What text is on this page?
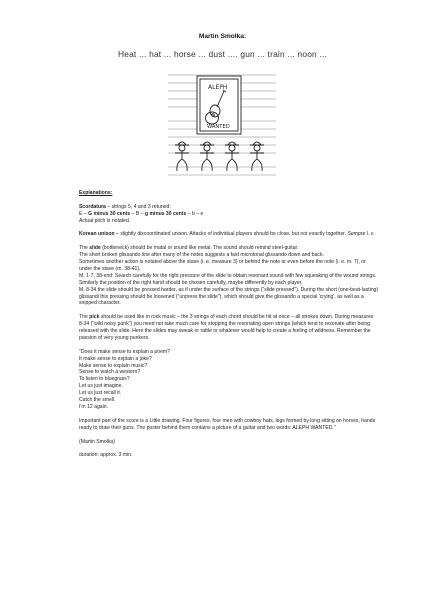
Martin Smolka:
Heat ... hat ... horse ... dust .... gun ... train ... noon ...
ALEPH
WANTED

Explanations:

Scordatura – strings 5, 4 and 3 retuned:
E – G minus 30 cents – B – g minus 30 cents – b – e
Actual pitch is notated.

Korean unison – slightly discoordinated unison. Attacks of individual players should be close, but not exactly together. Sempre l. v.

The slide (bottleneck) should be matal or sound like metal. The sound should remind steel-guitar.
The short broken glissando line after many of the notes suggests a fast microtonal glissando down and back.
Sometimes another action is notated above the stave (i. e. measure 3) or behind the note or even before the note (i. e. m. 7), or under the stave (m. 38-41).
M. 1-7, 38-end: Search carefully for the right pressure of the slide to obtain resonant sound with few squeaking of the wound strings. Similarly the position of the right hand should be chosen carefully, maybe differently by each player.
M. 8-34 the slide should be pressed harder, as if under the surface of the strings ("slide pressed"). During the short (one-beat-lasting) glissandi this pressing should be loosened ("unpress the slide"), which should give the glissando a special 'crying', as well as a snipped character.

The pick should be used like in rock music – the 3 strings of each chord should be hit at once – all strokes down. During measures 8-34 ("wild noisy punk") you need not take much care for stopping the resonating open strings (which tend to resonate after being released with the slide. Here the slides may sweak or rattle or whatever would help to create a feeling of wildness. Remember the passion of very young punkers.

"Does it make sense to explain a poem?
It make sense to explain a joke?
Make sense to explain music?
Sense to watch a western?
To listen to bluegrass?
Let us just imagine.
Let us just recall it.
Catch the smell.
I'm 12 again.

Important part of the score is a Little drawing. Four figures, four men with cowboy hats, legs formed by long sitting on horses, hands ready to draw their guns. The poster behind them contains a picture of a guitar and two words: ALEPH WANTED."

(Martin Smolka)

duration: approx. 3 min.
